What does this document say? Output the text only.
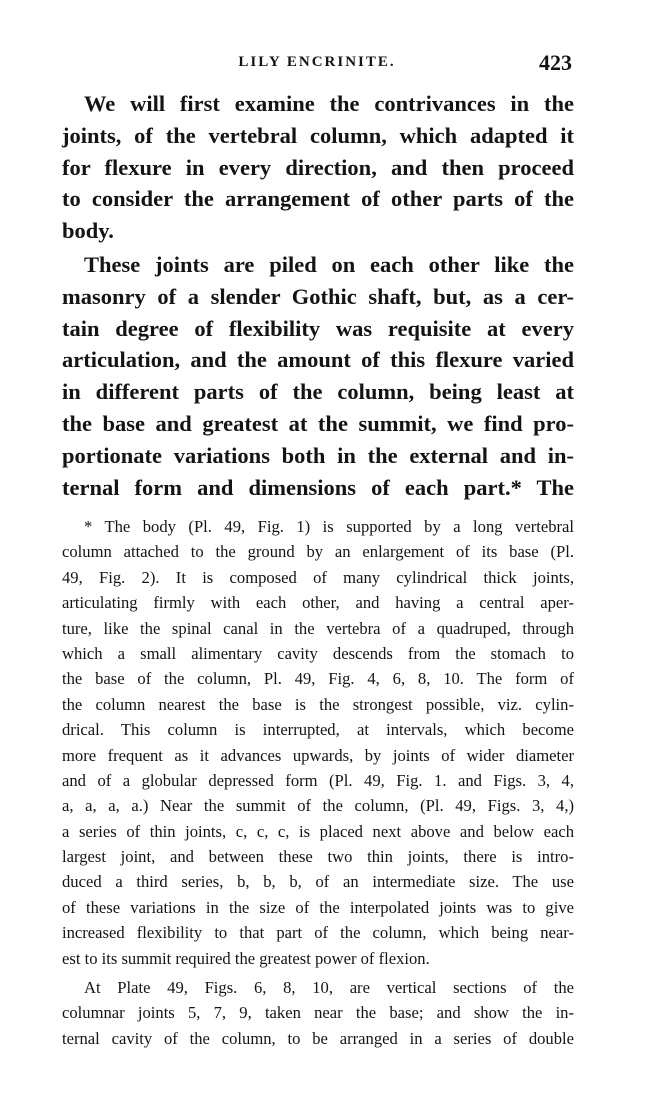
LILY ENCRINITE.	423
We will first examine the contrivances in the
joints, of the vertebral column, which adapted it
for flexure in every direction, and then proceed
to consider the arrangement of other parts of the
body.
These joints are piled on each other like the
masonry of a slender Gothic shaft, but, as a cer-
tain degree of flexibility was requisite at every
articulation, and the amount of this flexure varied
in different parts of the column, being least at
the base and greatest at the summit, we find pro-
portionate variations both in the external and in-
ternal form and dimensions of each part.* The
* The body (Pl. 49, Fig. 1) is supported by a long vertebral
column attached to the ground by an enlargement of its base (Pl.
49, Fig. 2). It is composed of many cylindrical thick joints,
articulating firmly with each other, and having a central aper-
ture, like the spinal canal in the vertebra of a quadruped, through
which a small alimentary cavity descends from the stomach to
the base of the column, Pl. 49, Fig. 4, 6, 8, 10. The form of
the column nearest the base is the strongest possible, viz. cylin-
drical. This column is interrupted, at intervals, which become
more frequent as it advances upwards, by joints of wider diameter
and of a globular depressed form (Pl. 49, Fig. 1. and Figs. 3, 4,
a, a, a, a.) Near the summit of the column, (Pl. 49, Figs. 3, 4,)
a series of thin joints, c, c, c, is placed next above and below each
largest joint, and between these two thin joints, there is intro-
duced a third series, b, b, b, of an intermediate size. The use
of these variations in the size of the interpolated joints was to give
increased flexibility to that part of the column, which being near-
est to its summit required the greatest power of flexion.
At Plate 49, Figs. 6, 8, 10, are vertical sections of the
columnar joints 5, 7, 9, taken near the base; and show the in-
ternal cavity of the column, to be arranged in a series of double
